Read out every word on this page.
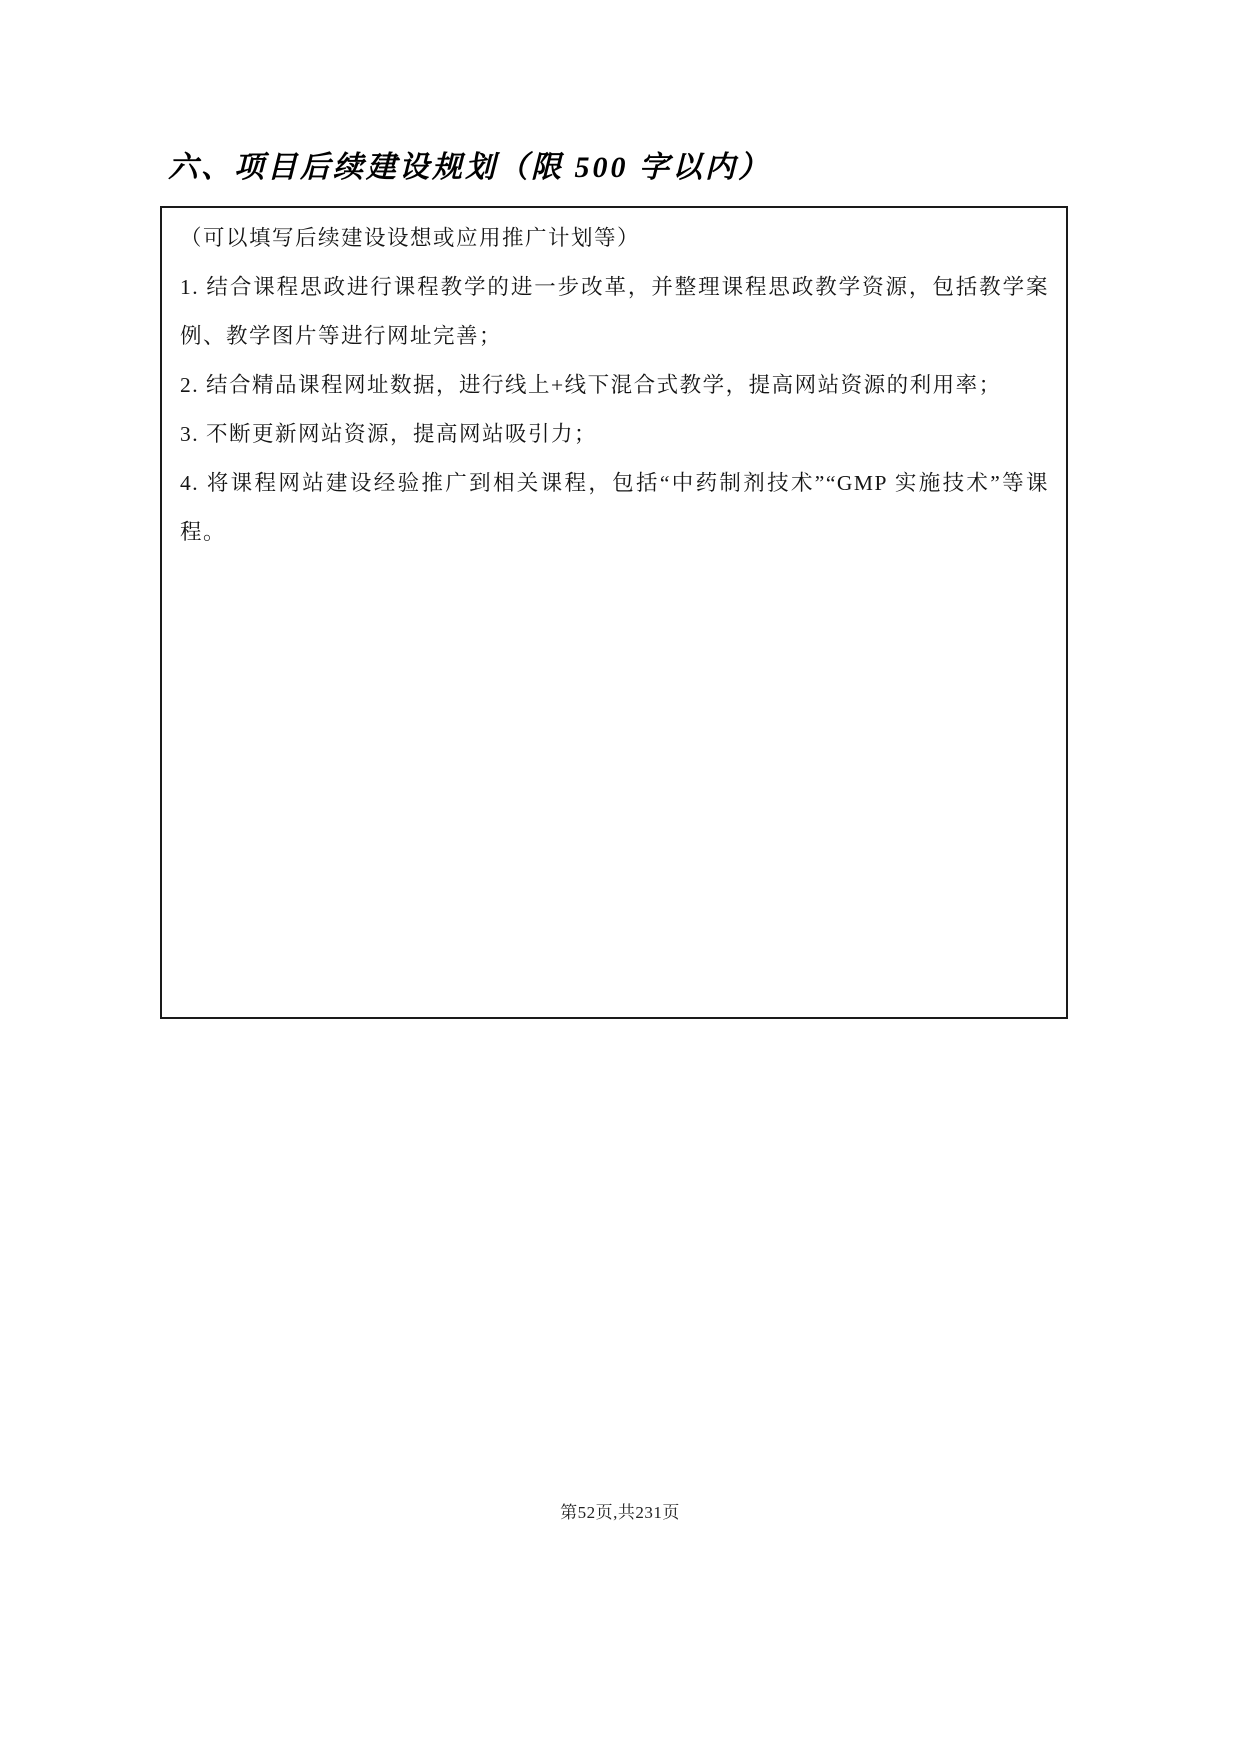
六、项目后续建设规划（限 500 字以内）

（可以填写后续建设设想或应用推广计划等）

1. 结合课程思政进行课程教学的进一步改革，并整理课程思政教学资源，包括教学案例、教学图片等进行网址完善；

2. 结合精品课程网址数据，进行线上+线下混合式教学，提高网站资源的利用率；

3. 不断更新网站资源，提高网站吸引力；

4. 将课程网站建设经验推广到相关课程，包括“中药制剂技术”“GMP 实施技术”等课程。

第52页,共231页
